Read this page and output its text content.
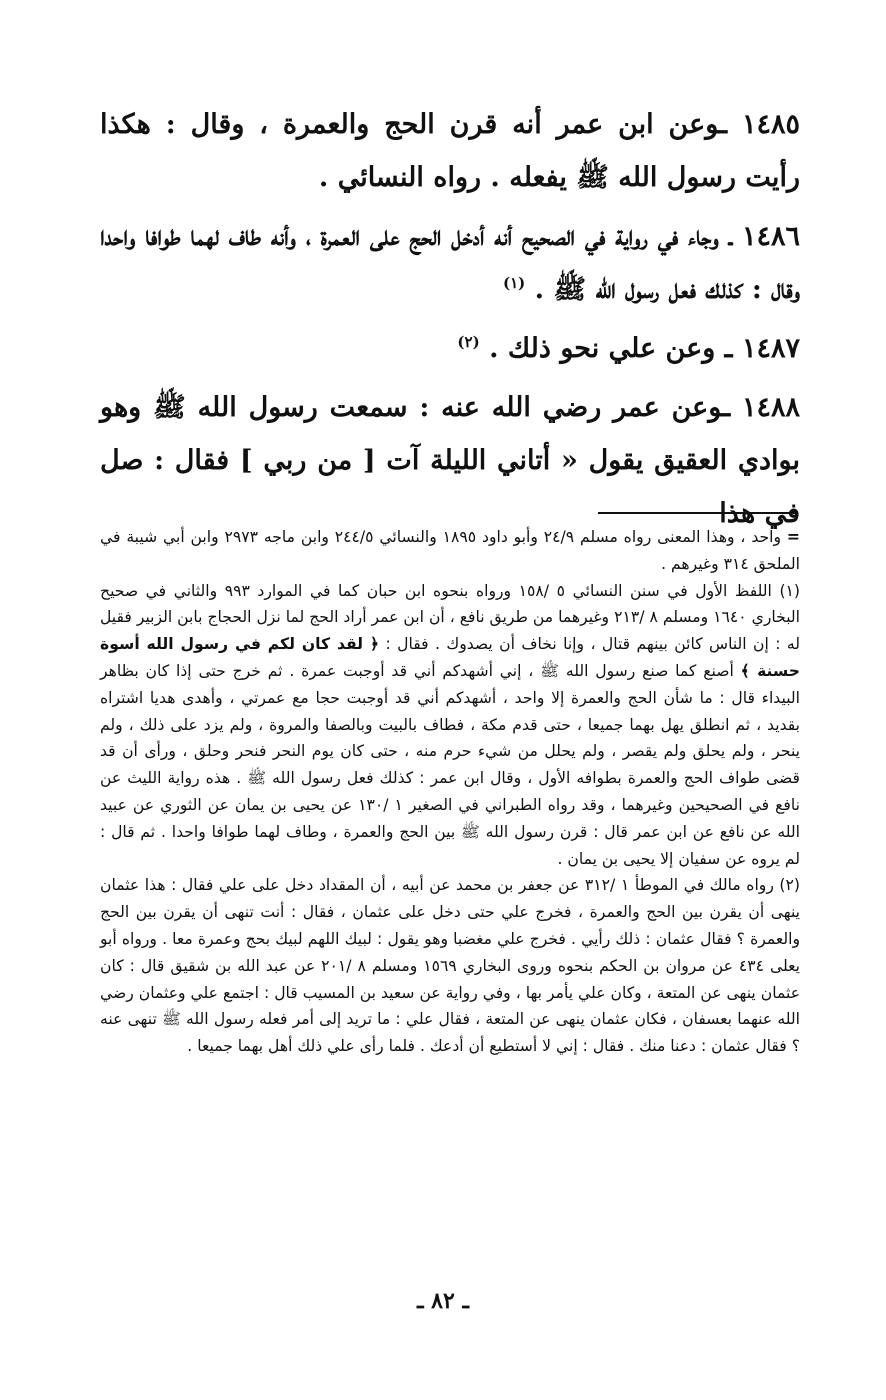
١٤٨٥ ـوعن ابن عمر أنه قرن الحج والعمرة ، وقال : هكذا رأيت رسول الله ﷺ يفعله . رواه النسائي .

١٤٨٦ ـ وجاء في رواية في الصحيح أنه أدخل الحج على العمرة ، وأنه طاف لهما طوافا واحدا وقال : كذلك فعل رسول الله ﷺ . $^{(١)}$

١٤٨٧ ـ وعن علي نحو ذلك . $^{(٢)}$

١٤٨٨ ـوعن عمر رضي الله عنه : سمعت رسول الله ﷺ وهو بوادي العقيق يقول « أتاني الليلة آت [ من ربي ] فقال : صل في هذا

= واحد ، وهذا المعنى رواه مسلم ٢٤/٩ وأبو داود ١٨٩٥ والنسائي ٢٤٤/٥ وابن ماجه ٢٩٧٣ وابن أبي شيبة في الملحق ٣١٤ وغيرهم .

(١) اللفظ الأول في سنن النسائي ٥ /١٥٨ ورواه بنحوه ابن حبان كما في الموارد ٩٩٣ والثاني في صحيح البخاري ١٦٤٠ ومسلم ٨ /٢١٣ وغيرهما من طريق نافع ، أن ابن عمر أراد الحج لما نزل الحجاج بابن الزبير فقيل له : إن الناس كائن بينهم قتال ، وإنا نخاف أن يصدوك . فقال : ﴿ لقد كان لكم في رسول الله أسوة حسنة ﴾ أصنع كما صنع رسول الله ﷺ ، إني أشهدكم أني قد أوجبت عمرة . ثم خرج حتى إذا كان بظاهر البيداء قال : ما شأن الحج والعمرة إلا واحد ، أشهدكم أني قد أوجبت حجا مع عمرتي ، وأهدى هديا اشتراه بقديد ، ثم انطلق يهل بهما جميعا ، حتى قدم مكة ، فطاف بالبيت وبالصفا والمروة ، ولم يزد على ذلك ، ولم ينحر ، ولم يحلق ولم يقصر ، ولم يحلل من شيء حرم منه ، حتى كان يوم النحر فنحر وحلق ، ورأى أن قد قضى طواف الحج والعمرة بطوافه الأول ، وقال ابن عمر : كذلك فعل رسول الله ﷺ . هذه رواية الليث عن نافع في الصحيحين وغيرهما ، وقد رواه الطبراني في الصغير ١ /١٣٠ عن يحيى بن يمان عن الثوري عن عبيد الله عن نافع عن ابن عمر قال : قرن رسول الله ﷺ بين الحج والعمرة ، وطاف لهما طوافا واحدا . ثم قال : لم يروه عن سفيان إلا يحيى بن يمان .

(٢) رواه مالك في الموطأ ١ /٣١٢ عن جعفر بن محمد عن أبيه ، أن المقداد دخل على علي فقال : هذا عثمان ينهى أن يقرن بين الحج والعمرة ، فخرج علي حتى دخل على عثمان ، فقال : أنت تنهى أن يقرن بين الحج والعمرة ؟ فقال عثمان : ذلك رأيي . فخرج علي مغضبا وهو يقول : لبيك اللهم لبيك بحج وعمرة معا . ورواه أبو يعلى ٤٣٤ عن مروان بن الحكم بنحوه وروى البخاري ١٥٦٩ ومسلم ٨ /٢٠١ عن عبد الله بن شقيق قال : كان عثمان ينهى عن المتعة ، وكان علي يأمر بها ، وفي رواية عن سعيد بن المسيب قال : اجتمع علي وعثمان رضي الله عنهما بعسفان ، فكان عثمان ينهى عن المتعة ، فقال علي : ما تريد إلى أمر فعله رسول الله ﷺ تنهى عنه ؟ فقال عثمان : دعنا منك . فقال : إني لا أستطيع أن أدعك . فلما رأى علي ذلك أهل بهما جميعا .

ـ ٨٢ ـ
